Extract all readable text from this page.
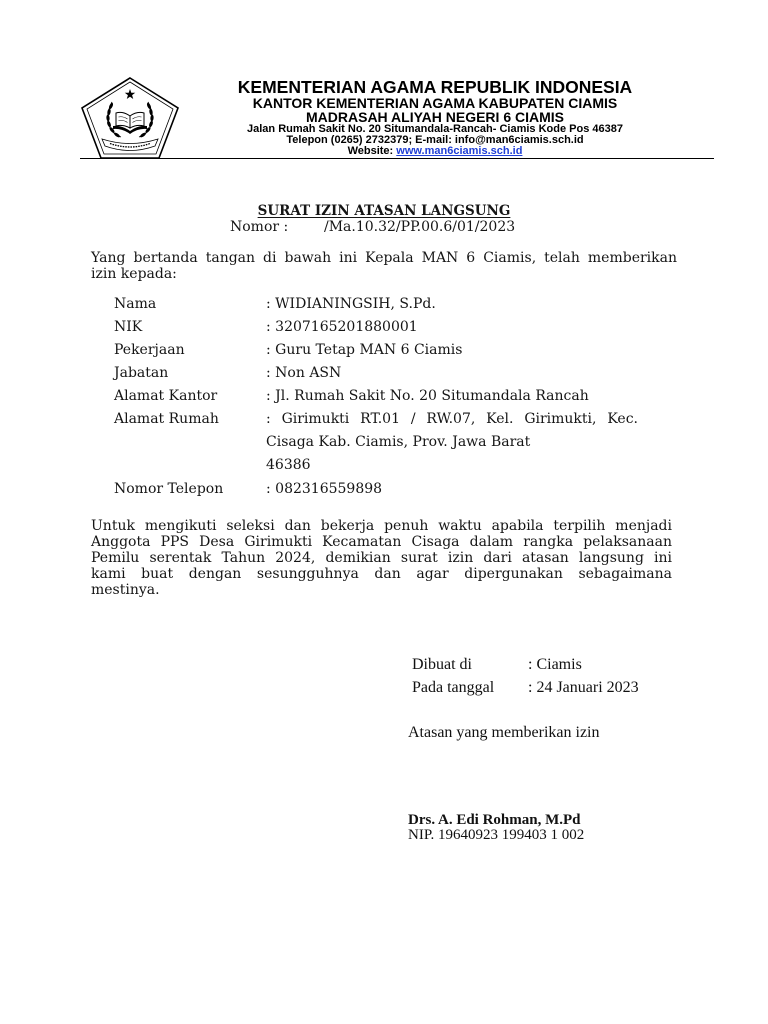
KEMENTERIAN AGAMA REPUBLIK INDONESIA
KANTOR KEMENTERIAN AGAMA KABUPATEN CIAMIS
MADRASAH ALIYAH NEGERI 6 CIAMIS
Jalan Rumah Sakit No. 20 Situmandala-Rancah- Ciamis Kode Pos 46387
Telepon (0265) 2732379; E-mail: info@man6ciamis.sch.id
Website: www.man6ciamis.sch.id
SURAT IZIN ATASAN LANGSUNG
Nomor :	/Ma.10.32/PP.00.6/01/2023
Yang bertanda tangan di bawah ini Kepala MAN 6 Ciamis, telah memberikan
izin kepada:
Nama	: WIDIANINGSIH, S.Pd.
NIK	: 3207165201880001
Pekerjaan	: Guru Tetap MAN 6 Ciamis
Jabatan	: Non ASN
Alamat Kantor	: Jl. Rumah Sakit No. 20 Situmandala Rancah
Alamat Rumah	: Girimukti RT.01 / RW.07, Kel. Girimukti, Kec.
Cisaga Kab. Ciamis, Prov. Jawa Barat
46386
Nomor Telepon	: 082316559898
Untuk mengikuti seleksi dan bekerja penuh waktu apabila terpilih menjadi
Anggota PPS Desa Girimukti Kecamatan Cisaga dalam rangka pelaksanaan
Pemilu serentak Tahun 2024, demikian surat izin dari atasan langsung ini
kami buat dengan sesungguhnya dan agar dipergunakan sebagaimana
mestinya.
Dibuat di	: Ciamis
Pada tanggal : 24 Januari 2023
Atasan yang memberikan izin
Drs. A. Edi Rohman, M.Pd
NIP. 19640923 199403 1 002
